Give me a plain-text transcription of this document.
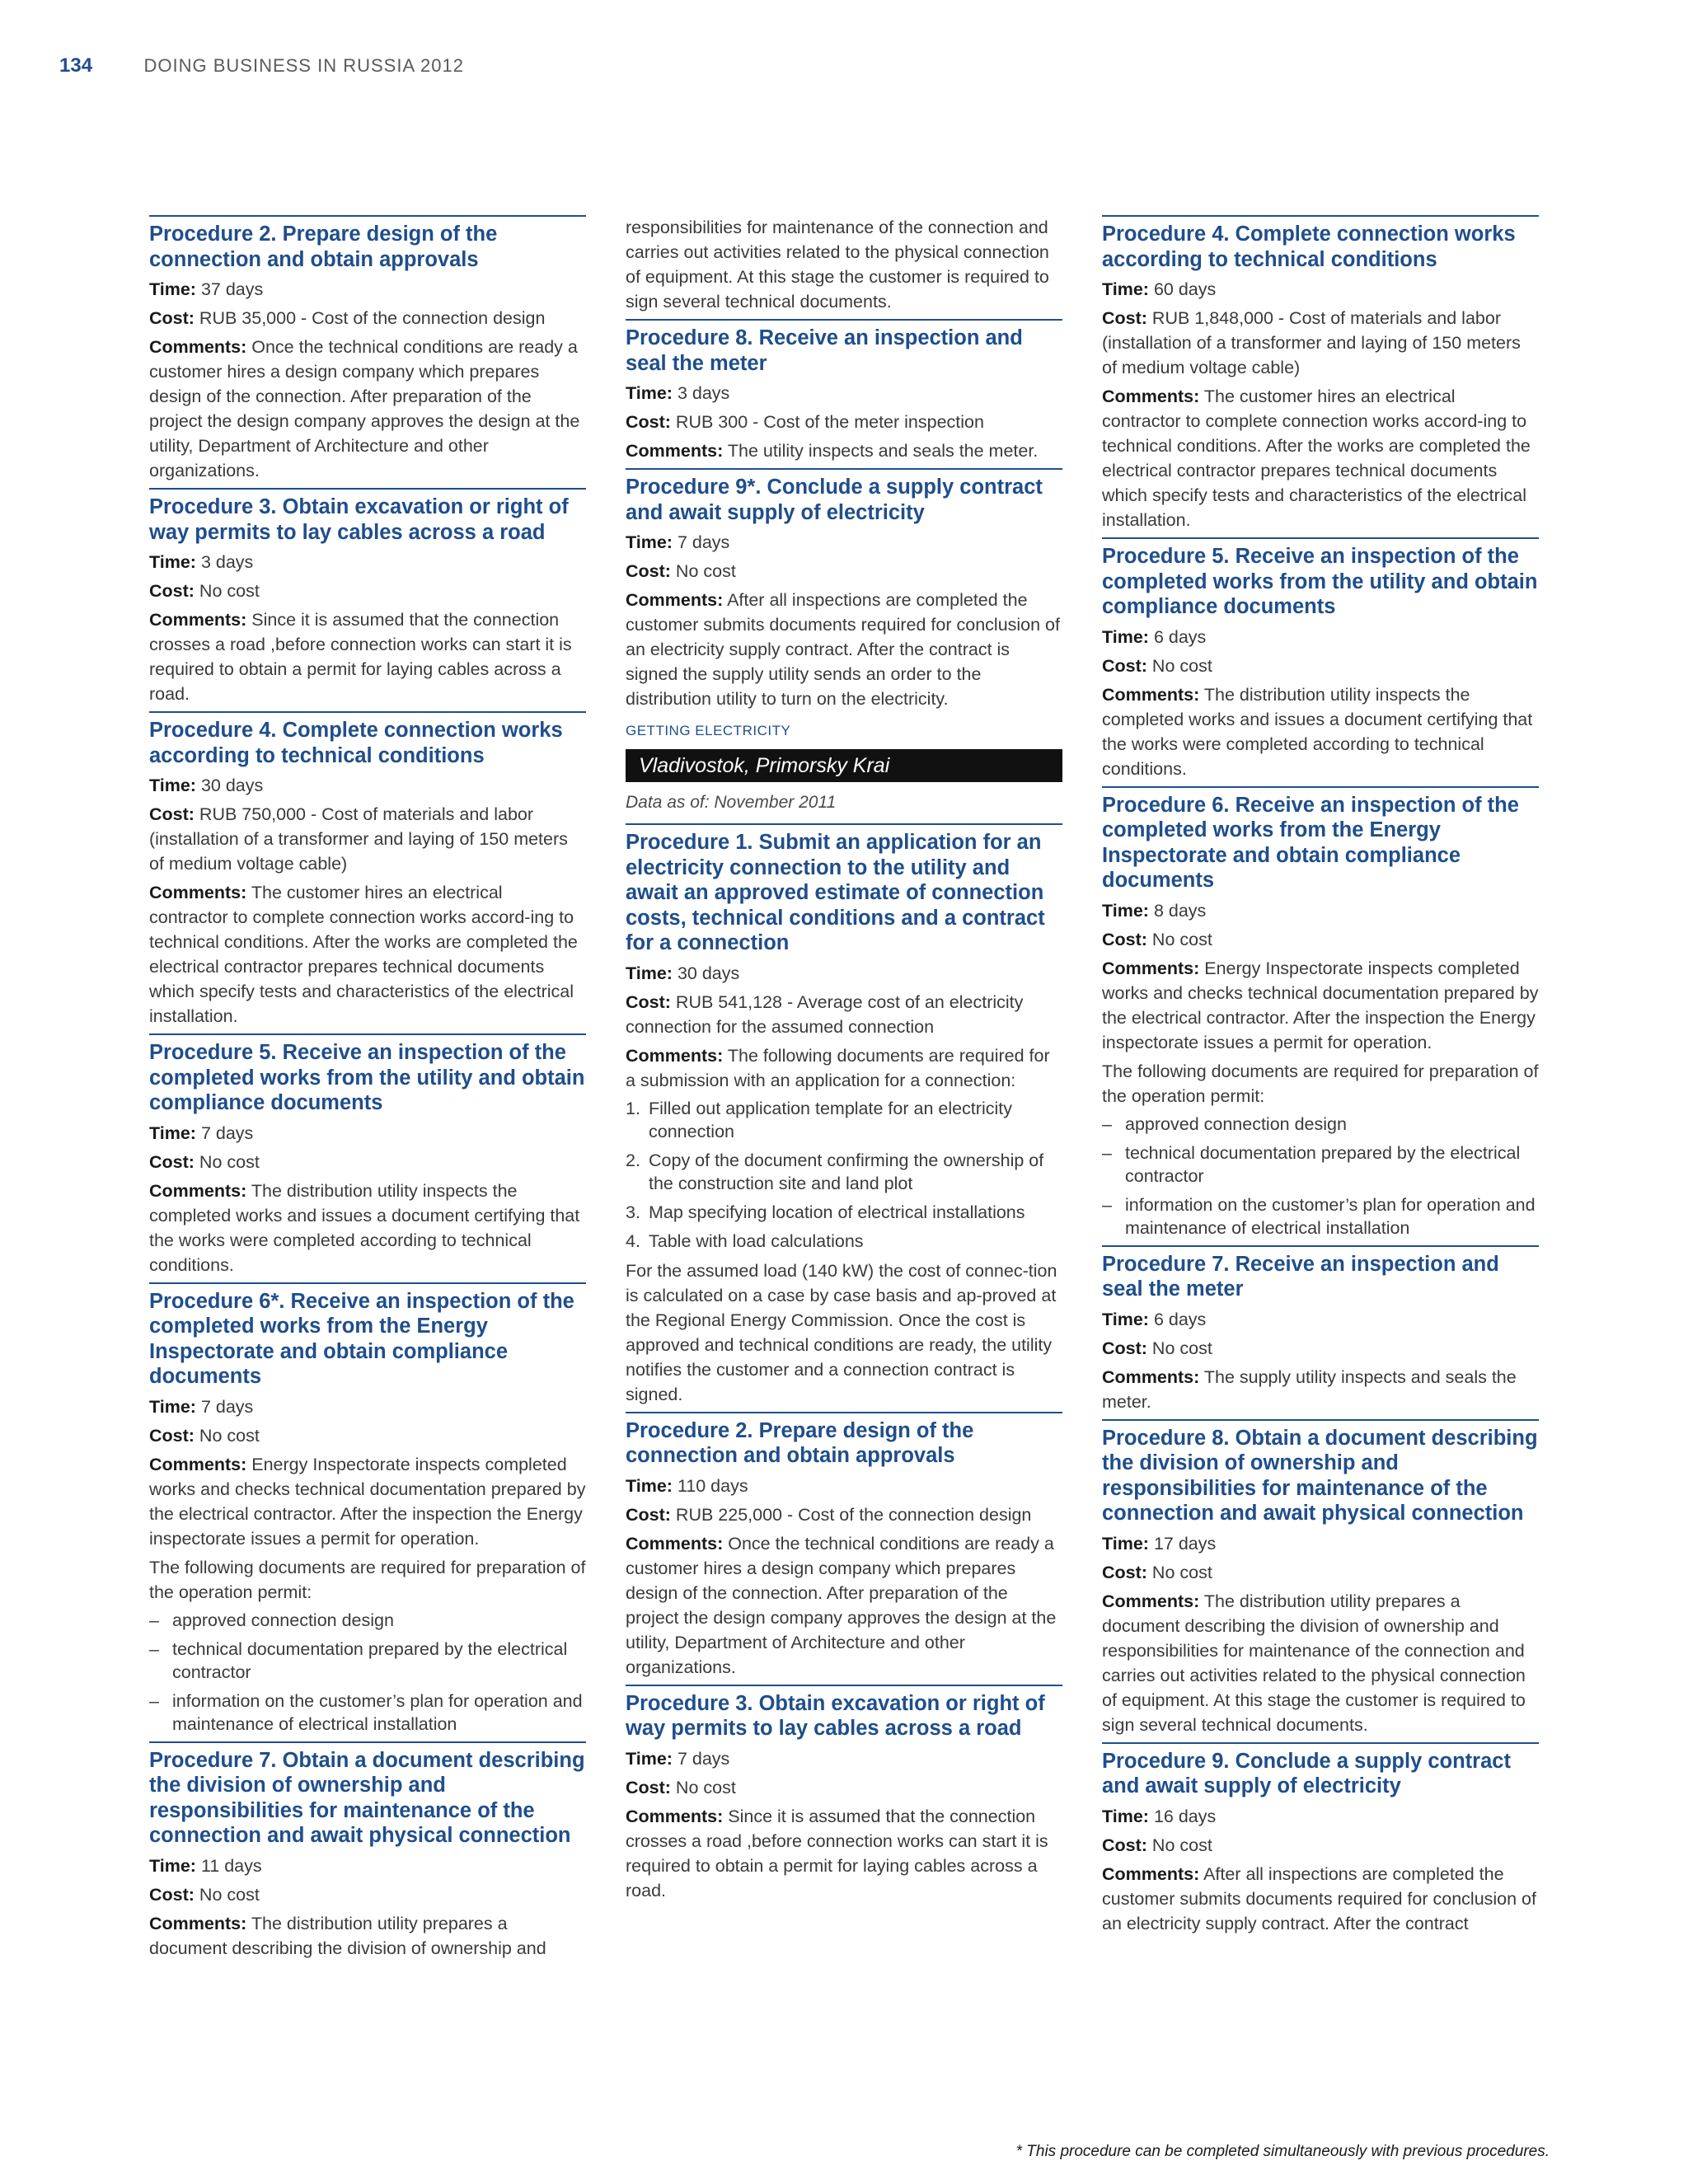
134	DOING BUSINESS IN RUSSIA 2012
Procedure 2. Prepare design of the connection and obtain approvals

Time: 37 days

Cost: RUB 35,000 - Cost of the connection design

Comments: Once the technical conditions are ready a customer hires a design company which prepares design of the connection. After preparation of the project the design company approves the design at the utility, Department of Architecture and other organizations.

Procedure 3. Obtain excavation or right of way permits to lay cables across a road

Time: 3 days

Cost: No cost

Comments: Since it is assumed that the connection crosses a road ,before connection works can start it is required to obtain a permit for laying cables across a road.

Procedure 4. Complete connection works according to technical conditions

Time: 30 days

Cost: RUB 750,000 - Cost of materials and labor (installation of a transformer and laying of 150 meters of medium voltage cable)

Comments: The customer hires an electrical contractor to complete connection works accord-ing to technical conditions. After the works are completed the electrical contractor prepares technical documents which specify tests and characteristics of the electrical installation.

Procedure 5. Receive an inspection of the completed works from the utility and obtain compliance documents

Time: 7 days

Cost: No cost

Comments: The distribution utility inspects the completed works and issues a document certifying that the works were completed according to technical conditions.

Procedure 6*. Receive an inspection of the completed works from the Energy Inspectorate and obtain compliance documents

Time: 7 days

Cost: No cost

Comments: Energy Inspectorate inspects completed works and checks technical documentation prepared by the electrical contractor. After the inspection the Energy inspectorate issues a permit for operation.

The following documents are required for preparation of the operation permit:

– approved connection design
– technical documentation prepared by the electrical contractor
– information on the customer’s plan for operation and maintenance of electrical installation
Procedure 7. Obtain a document describing the division of ownership and responsibilities for maintenance of the connection and await physical connection

Time: 11 days

Cost: No cost

Comments: The distribution utility prepares a document describing the division of ownership and

responsibilities for maintenance of the connection and carries out activities related to the physical connection of equipment. At this stage the customer is required to sign several technical documents.

Procedure 8. Receive an inspection and seal the meter

Time: 3 days

Cost: RUB 300 - Cost of the meter inspection

Comments: The utility inspects and seals the meter.

Procedure 9*. Conclude a supply contract and await supply of electricity

Time: 7 days

Cost: No cost

Comments: After all inspections are completed the customer submits documents required for conclusion of an electricity supply contract. After the contract is signed the supply utility sends an order to the distribution utility to turn on the electricity.

GETTING ELECTRICITY
Vladivostok, Primorsky Krai
Data as of: November 2011
Procedure 1. Submit an application for an electricity connection to the utility and await an approved estimate of connection costs, technical conditions and a contract for a connection

Time: 30 days

Cost: RUB 541,128 - Average cost of an electricity connection for the assumed connection

Comments: The following documents are required for a submission with an application for a connection:

1. Filled out application template for an electricity connection
2. Copy of the document confirming the ownership of the construction site and land plot
3. Map specifying location of electrical installations
4. Table with load calculations

For the assumed load (140 kW) the cost of connec-tion is calculated on a case by case basis and ap-proved at the Regional Energy Commission. Once the cost is approved and technical conditions are ready, the utility notifies the customer and a connection contract is signed.

Procedure 2. Prepare design of the connection and obtain approvals

Time: 110 days

Cost: RUB 225,000 - Cost of the connection design

Comments: Once the technical conditions are ready a customer hires a design company which prepares design of the connection. After preparation of the project the design company approves the design at the utility, Department of Architecture and other organizations.

Procedure 3. Obtain excavation or right of way permits to lay cables across a road

Time: 7 days

Cost: No cost

Comments: Since it is assumed that the connection crosses a road ,before connection works can start it is required to obtain a permit for laying cables across a road.

Procedure 4. Complete connection works according to technical conditions

Time: 60 days

Cost: RUB 1,848,000 - Cost of materials and labor (installation of a transformer and laying of 150 meters of medium voltage cable)

Comments: The customer hires an electrical contractor to complete connection works accord-ing to technical conditions. After the works are completed the electrical contractor prepares technical documents which specify tests and characteristics of the electrical installation.

Procedure 5. Receive an inspection of the completed works from the utility and obtain compliance documents

Time: 6 days

Cost: No cost

Comments: The distribution utility inspects the completed works and issues a document certifying that the works were completed according to technical conditions.

Procedure 6. Receive an inspection of the completed works from the Energy Inspectorate and obtain compliance documents

Time: 8 days

Cost: No cost

Comments: Energy Inspectorate inspects completed works and checks technical documentation prepared by the electrical contractor. After the inspection the Energy inspectorate issues a permit for operation.

The following documents are required for preparation of the operation permit:

– approved connection design
– technical documentation prepared by the electrical contractor
– information on the customer’s plan for operation and maintenance of electrical installation
Procedure 7. Receive an inspection and seal the meter

Time: 6 days

Cost: No cost

Comments: The supply utility inspects and seals the meter.

Procedure 8. Obtain a document describing the division of ownership and responsibilities for maintenance of the connection and await physical connection

Time: 17 days

Cost: No cost

Comments: The distribution utility prepares a document describing the division of ownership and responsibilities for maintenance of the connection and carries out activities related to the physical connection of equipment. At this stage the customer is required to sign several technical documents.

Procedure 9. Conclude a supply contract and await supply of electricity

Time: 16 days

Cost: No cost

Comments: After all inspections are completed the customer submits documents required for conclusion of an electricity supply contract. After the contract

* This procedure can be completed simultaneously with previous procedures.
